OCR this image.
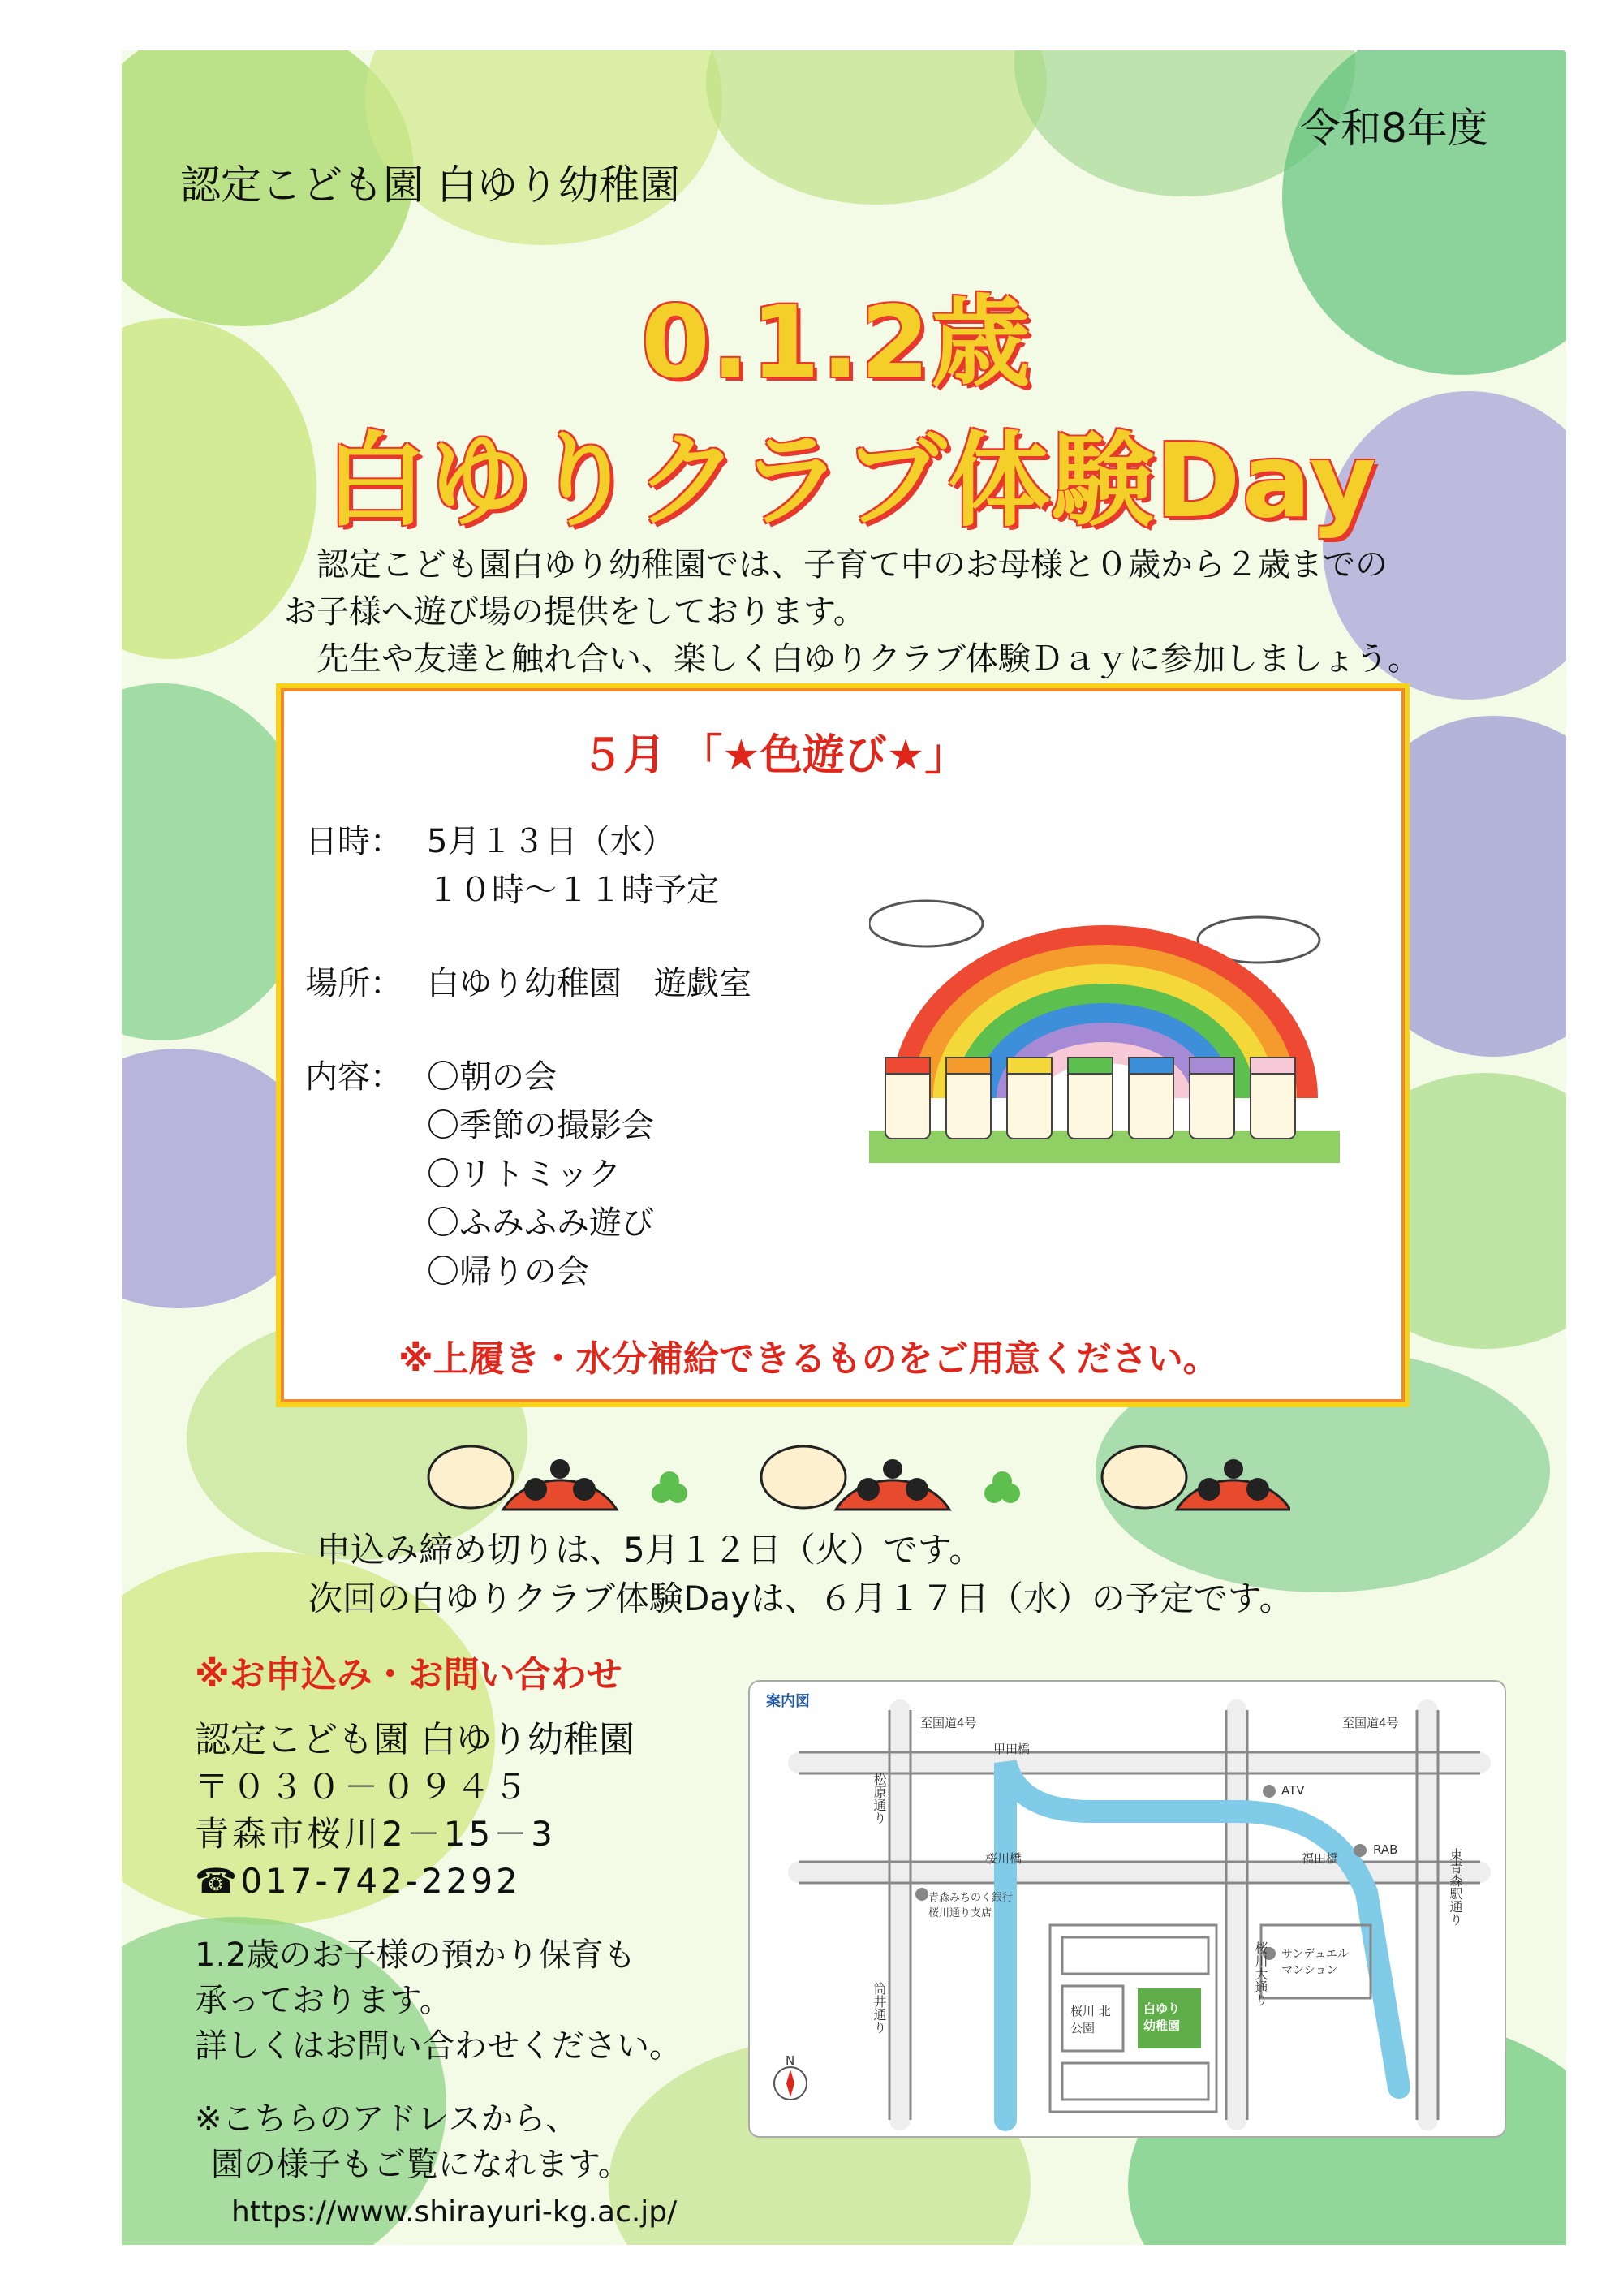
令和8年度
認定こども園 白ゆり幼稚園
0.1.2歳
白ゆりクラブ体験Day
認定こども園白ゆり幼稚園では、子育て中のお母様と０歳から２歳までの
お子様へ遊び場の提供をしております。
先生や友達と触れ合い、楽しく白ゆりクラブ体験Ｄａｙに参加しましょう。
５月 「★色遊び★」
日時： 5月１３日（水）
１０時～１１時予定
場所： 白ゆり幼稚園　遊戯室
内容： 〇朝の会
〇季節の撮影会
〇リトミック
〇ふみふみ遊び
〇帰りの会
※上履き・水分補給できるものをご用意ください。
申込み締め切りは、5月１２日（火）です。
次回の白ゆりクラブ体験Dayは、６月１７日（水）の予定です。
※お申込み・お問い合わせ
認定こども園 白ゆり幼稚園
〒０３０－０９４５
青森市桜川2－15－3
☎017-742-2292
1.2歳のお子様の預かり保育も
承っております。
詳しくはお問い合わせください。
※こちらのアドレスから、
園の様子もご覧になれます。
https://www.shirayuri-kg.ac.jp/
案内図
至国道4号	至国道4号
甲田橋
桜川橋	福田橋
ATV
RAB
松原通り
筒井通り
東青森駅通り
桜川大通り
青森みちのく銀行 桜川通り支店
サンデュエル マンション
桜川 北公園
白ゆり 幼稚園
N
